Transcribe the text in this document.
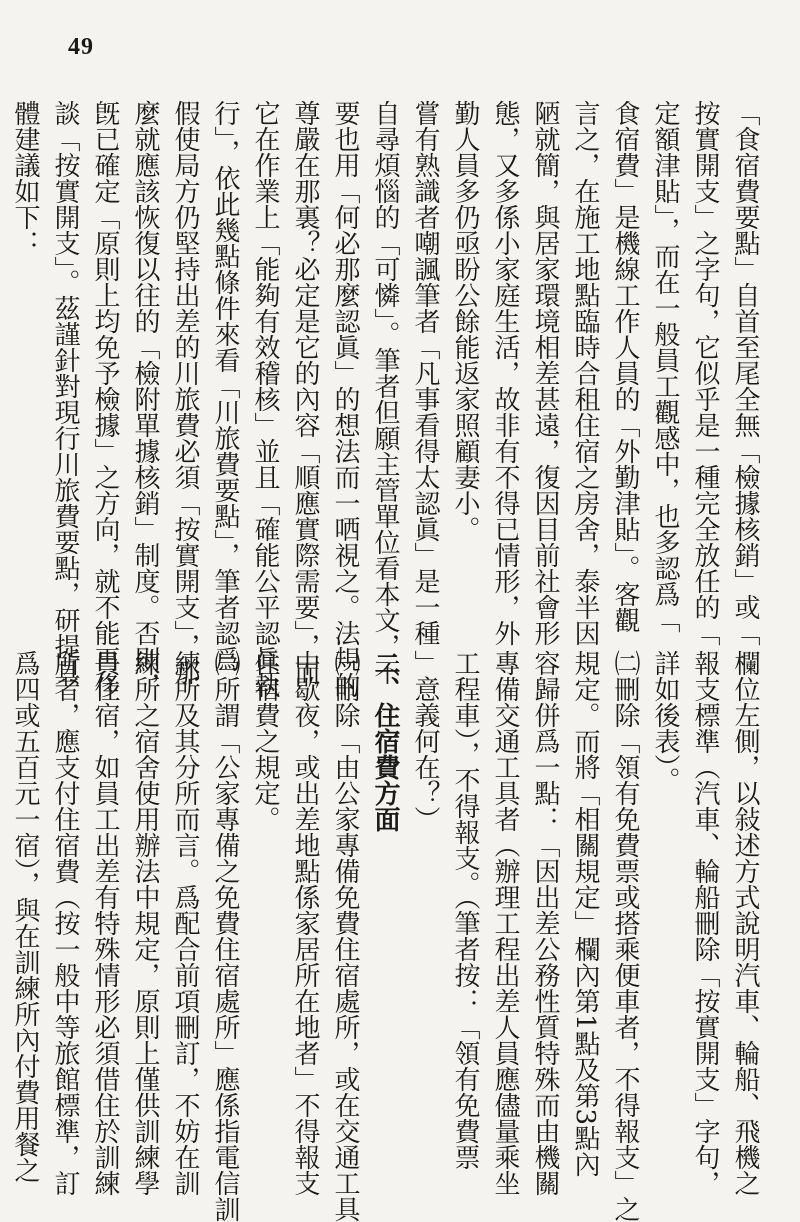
49
「食宿費要點」自首至尾全無「檢據核銷」或「
按實開支」之字句，它似乎是一種完全放任的「
定額津貼」，而在一般員工觀感中，也多認爲「
食宿費」是機線工作人員的「外勤津貼」。客觀
言之，在施工地點臨時合租住宿之房舍，泰半因
陋就簡，與居家環境相差甚遠，復因目前社會形
態，又多係小家庭生活，故非有不得已情形，外
勤人員多仍亟盼公餘能返家照顧妻小。
嘗有熟識者嘲諷筆者「凡事看得太認眞」是一種
自尋煩惱的「可憐」。筆者但願主管單位看本文，不
要也用「何必那麼認眞」的想法而一哂視之。法規的
尊嚴在那裏？必定是它的內容「順應實際需要」，而
它在作業上「能夠有效稽核」並且「確能公平認眞執
行」，依此幾點條件來看「川旅費要點」，筆者認爲
假使局方仍堅持出差的川旅費必須「按實開支」，那
麼就應該恢復以往的「檢附單據核銷」制度。否則，
旣已確定「原則上均免予檢據」之方向，就不能再侈
談「按實開支」。茲謹針對現行川旅費要點，研提具
體建議如下：
欄位左側，以敍述方式說明汽車、輪船、飛機之
報支標準（汽車、輪船刪除「按實開支」字句，
詳如後表）。
㈡刪除「領有免費票或搭乘便車者，不得報支」之
規定。而將「相關規定」欄內第1點及第3點內
容歸併爲一點：「因出差公務性質特殊而由機關
專備交通工具者（辦理工程出差人員應儘量乘坐
工程車），不得報支。（筆者按：「領有免費票
」意義何在？）
二、住宿費方面
㈠刪除「由公家專備免費住宿處所，或在交通工具
中歇夜，或出差地點係家居所在地者」不得報支
住宿費之規定。
㈡所謂「公家專備之免費住宿處所」應係指電信訓
練所及其分所而言。爲配合前項刪訂，不妨在訓
練所之宿舍使用辦法中規定，原則上僅供訓練學
員住宿，如員工出差有特殊情形必須借住於訓練
所者，應支付住宿費（按一般中等旅館標準，訂
爲四或五百元一宿），與在訓練所內付費用餐之
